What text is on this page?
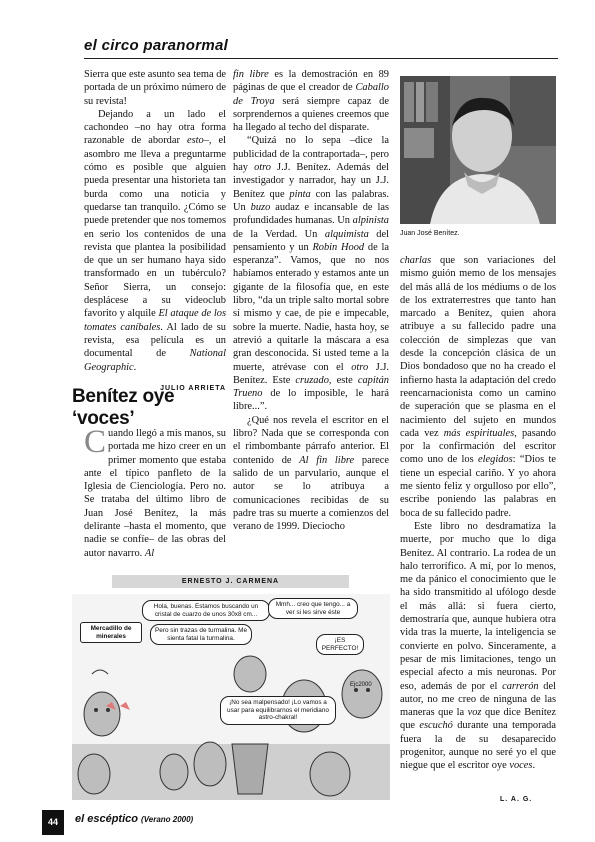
el circo paranormal

Sierra que este asunto sea tema de portada de un próximo número de su revista!

Dejando a un lado el cachondeo –no hay otra forma razonable de abordar esto–, el asombro me lleva a preguntarme cómo es posible que alguien pueda presentar una historieta tan burda como una noticia y quedarse tan tranquilo. ¿Cómo se puede pretender que nos tomemos en serio los contenidos de una revista que plantea la posibilidad de que un ser humano haya sido transformado en un tubérculo? Señor Sierra, un consejo: desplácese a su videoclub favorito y alquile El ataque de los tomates caníbales. Al lado de su revista, esa película es un documental de National Geographic.

JULIO ARRIETA

Benítez oye ‘voces’

Cuando llegó a mis manos, su portada me hizo creer en un primer momento que estaba ante el típico panfleto de la Iglesia de Cienciología. Pero no. Se trataba del último libro de Juan José Benítez, la más delirante –hasta el momento, que nadie se confíe– de las obras del autor navarro. Al

fin libre es la demostración en 89 páginas de que el creador de Caballo de Troya será siempre capaz de sorprendernos a quienes creemos que ha llegado al techo del disparate.

“Quizá no lo sepa –dice la publicidad de la contraportada–, pero hay otro J.J. Benítez. Además del investigador y narrador, hay un J.J. Benítez que pinta con las palabras. Un buzo audaz e incansable de las profundidades humanas. Un alpinista de la Verdad. Un alquimista del pensamiento y un Robin Hood de la esperanza”. Vamos, que no nos habíamos enterado y estamos ante un gigante de la filosofía que, en este libro, “da un triple salto mortal sobre sí mismo y cae, de pie e impecable, sobre la muerte. Nadie, hasta hoy, se atrevió a quitarle la máscara a esa gran desconocida. Si usted teme a la muerte, atrévase con el otro J.J. Benítez. Este cruzado, este capitán Trueno de lo imposible, le hará libre...”.

¿Qué nos revela el escritor en el libro? Nada que se corresponda con el rimbombante párrafo anterior. El contenido de Al fin libre parece salido de un parvulario, aunque el autor se lo atribuya a comunicaciones recibidas de su padre tras su muerte a comienzos del verano de 1999. Dieciocho

Juan José Benítez.

charlas que son variaciones del mismo guión memo de los mensajes del más allá de los médiums o de los de los extraterrestres que tanto han marcado a Benítez, quien ahora atribuye a su fallecido padre una colección de simplezas que van desde la concepción clásica de un Dios bondadoso que no ha creado el infierno hasta la adaptación del credo reencarnacionista como un camino de superación que se plasma en el nacimiento del sujeto en mundos cada vez más espirituales, pasando por la confirmación del escritor como uno de los elegidos: “Dios te tiene un especial cariño. Y yo ahora me siento feliz y orgulloso por ello”, escribe poniendo las palabras en boca de su fallecido padre.

Este libro no desdramatiza la muerte, por mucho que lo diga Benítez. Al contrario. La rodea de un halo terrorífico. A mí, por lo menos, me da pánico el conocimiento que le ha sido transmitido al ufólogo desde el más allá: si fuera cierto, demostraría que, aunque hubiera otra vida tras la muerte, la inteligencia se convierte en polvo. Sinceramente, a pesar de mis limitaciones, tengo un especial afecto a mis neuronas. Por eso, además de por el carrerón del autor, no me creo de ninguna de las maneras que la voz que dice Benítez que escuchó durante una temporada fuera la de su desaparecido progenitor, aunque no seré yo el que niegue que el escritor oye voces.

L. A. G.
ERNESTO J. CARMENA
Mercadillo de minerales
Hola, buenas. Estamos buscando un cristal de cuarzo de unos 30x8 cm...
Mmh... creo que tengo... a ver si les sirve éste
Pero sin trazas de turmalina. Me sienta fatal la turmalina.	¡ES PERFECTO!
¡No sea malpensado! ¡Lo vamos a usar para equilibrarnos el meridiano astro-chakral!
Ejc2000
44	el escéptico (Verano 2000)
